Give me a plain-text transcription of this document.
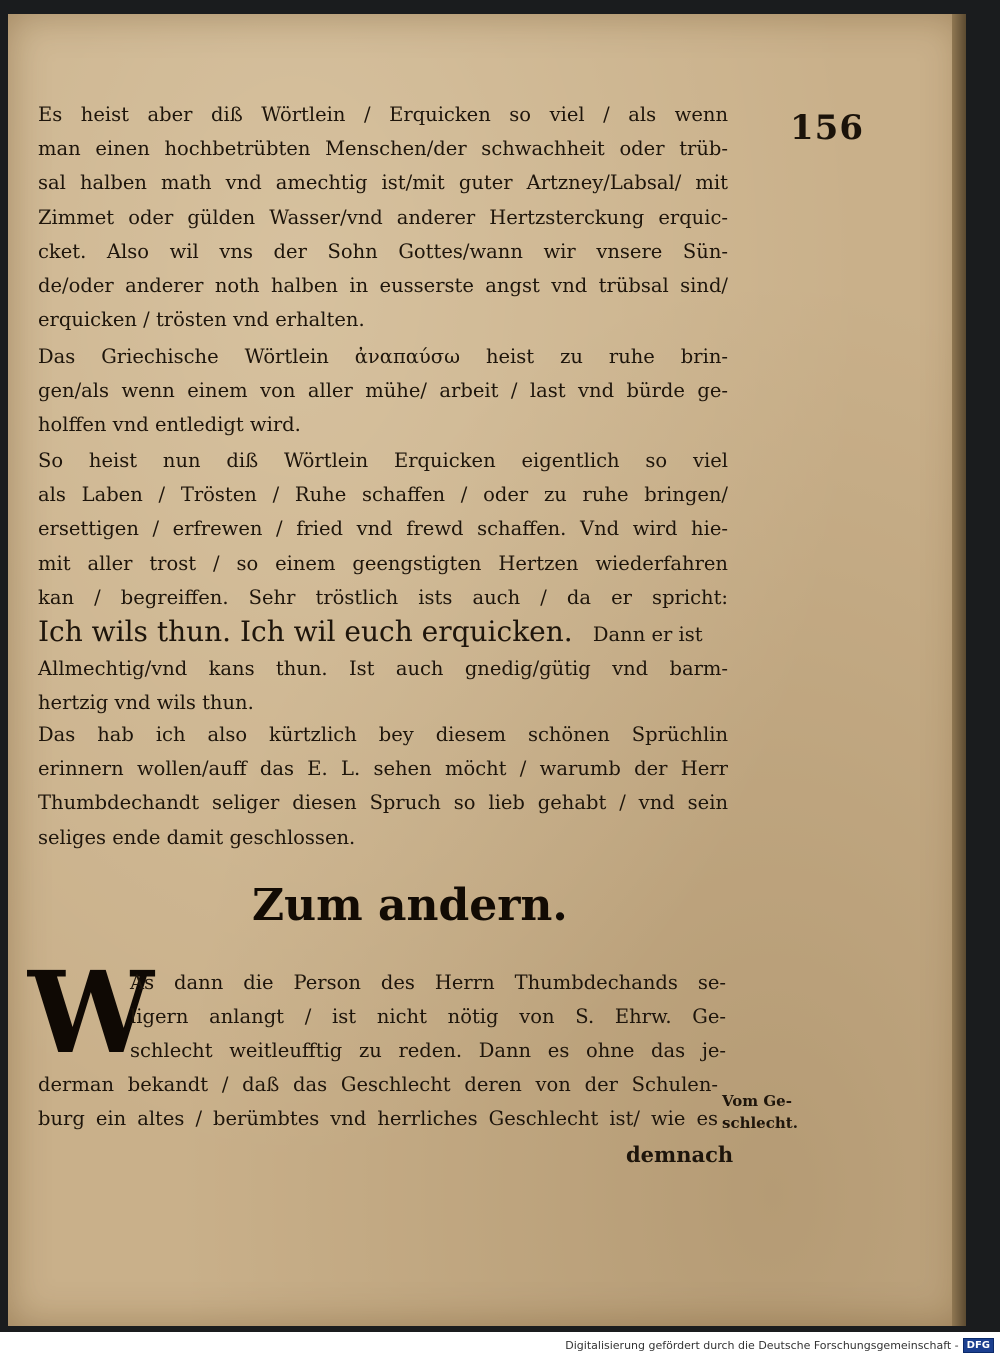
156
Es heist aber diß Wörtlein / Erquicken so viel / als wenn
man einen hochbetrübten Menschen/der schwachheit oder trüb-
sal halben math vnd amechtig ist/mit guter Artzney/Labsal/ mit
Zimmet oder gülden Wasser/vnd anderer Hertzsterckung erquic-
cket. Also wil vns der Sohn Gottes/wann wir vnsere Sün-
de/oder anderer noth halben in eusserste angst vnd trübsal sind/
erquicken / trösten vnd erhalten.
Das Griechische Wörtlein ἀναπαύσω heist zu ruhe brin-
gen/als wenn einem von aller mühe/ arbeit / last vnd bürde ge-
holffen vnd entledigt wird.
So heist nun diß Wörtlein Erquicken eigentlich so viel
als Laben / Trösten / Ruhe schaffen / oder zu ruhe bringen/
ersettigen / erfrewen / fried vnd frewd schaffen. Vnd wird hie-
mit aller trost / so einem geengstigten Hertzen wiederfahren
kan / begreiffen. Sehr tröstlich ists auch / da er spricht:
Ich wils thun. Ich wil euch erquicken. Dann er ist
Allmechtig/vnd kans thun. Ist auch gnedig/gütig vnd barm-
hertzig vnd wils thun.
Das hab ich also kürtzlich bey diesem schönen Sprüchlin
erinnern wollen/auff das E. L. sehen möcht / warumb der Herr
Thumbdechandt seliger diesen Spruch so lieb gehabt / vnd sein
seliges ende damit geschlossen.
Zum andern.
W
As dann die Person des Herrn Thumbdechands se-
ligern anlangt / ist nicht nötig von S. Ehrw. Ge-
schlecht weitleufftig zu reden. Dann es ohne das je-
derman bekandt / daß das Geschlecht deren von der Schulen-
burg ein altes / berümbtes vnd herrliches Geschlecht ist/ wie es
Vom Ge- schlecht.
demnach
Digitalisierung gefördert durch die Deutsche Forschungsgemeinschaft - DFG
